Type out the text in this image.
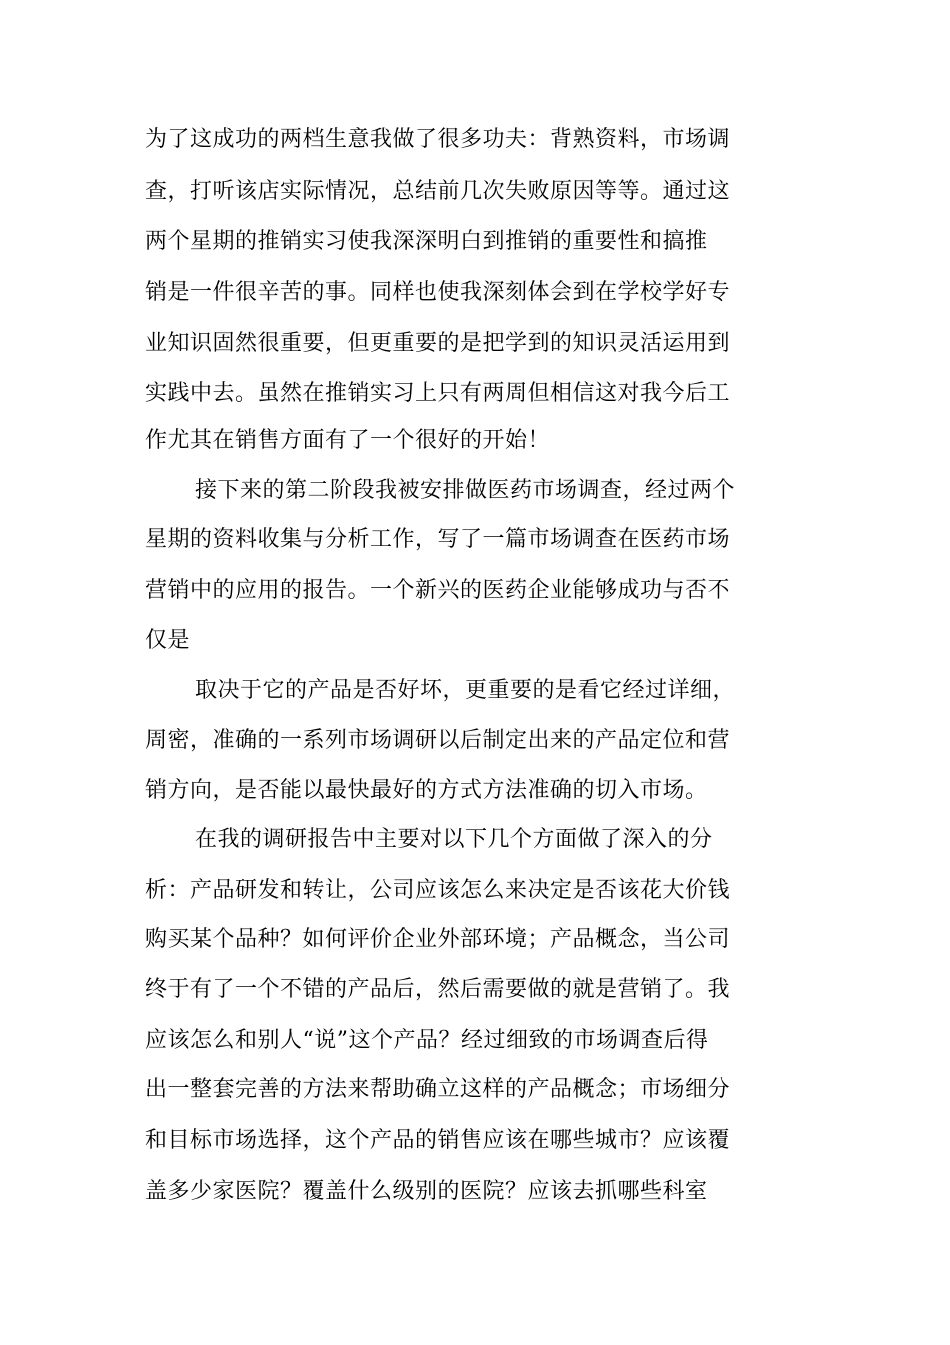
为了这成功的两档生意我做了很多功夫：背熟资料，市场调
查，打听该店实际情况，总结前几次失败原因等等。通过这
两个星期的推销实习使我深深明白到推销的重要性和搞推
销是一件很辛苦的事。同样也使我深刻体会到在学校学好专
业知识固然很重要，但更重要的是把学到的知识灵活运用到
实践中去。虽然在推销实习上只有两周但相信这对我今后工
作尤其在销售方面有了一个很好的开始！
接下来的第二阶段我被安排做医药市场调查，经过两个
星期的资料收集与分析工作，写了一篇市场调查在医药市场
营销中的应用的报告。一个新兴的医药企业能够成功与否不
仅是
取决于它的产品是否好坏，更重要的是看它经过详细，
周密，准确的一系列市场调研以后制定出来的产品定位和营
销方向，是否能以最快最好的方式方法准确的切入市场。
在我的调研报告中主要对以下几个方面做了深入的分
析：产品研发和转让，公司应该怎么来决定是否该花大价钱
购买某个品种？如何评价企业外部环境；产品概念，当公司
终于有了一个不错的产品后，然后需要做的就是营销了。我
应该怎么和别人“说”这个产品？经过细致的市场调查后得
出一整套完善的方法来帮助确立这样的产品概念；市场细分
和目标市场选择，这个产品的销售应该在哪些城市？应该覆
盖多少家医院？覆盖什么级别的医院？应该去抓哪些科室
